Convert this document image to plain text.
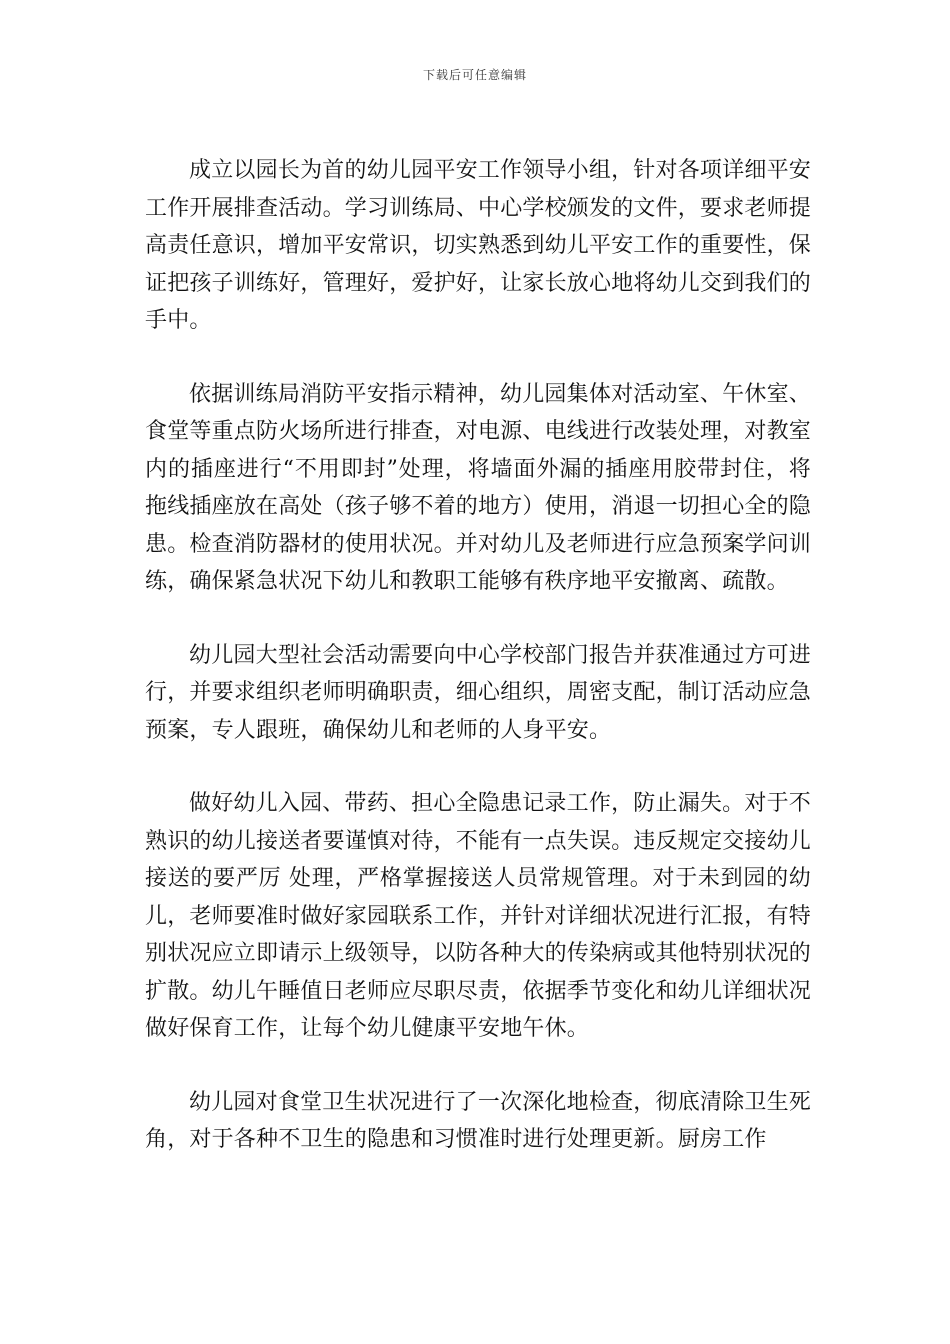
下载后可任意编辑

成立以园长为首的幼儿园平安工作领导小组，针对各项详细平安工作开展排查活动。学习训练局、中心学校颁发的文件，要求老师提高责任意识，增加平安常识，切实熟悉到幼儿平安工作的重要性，保证把孩子训练好，管理好，爱护好，让家长放心地将幼儿交到我们的手中。

依据训练局消防平安指示精神，幼儿园集体对活动室、午休室、食堂等重点防火场所进行排查，对电源、电线进行改装处理，对教室内的插座进行“不用即封”处理，将墙面外漏的插座用胶带封住，将拖线插座放在高处（孩子够不着的地方）使用，消退一切担心全的隐患。检查消防器材的使用状况。并对幼儿及老师进行应急预案学问训练，确保紧急状况下幼儿和教职工能够有秩序地平安撤离、疏散。

幼儿园大型社会活动需要向中心学校部门报告并获准通过方可进行，并要求组织老师明确职责，细心组织，周密支配，制订活动应急预案，专人跟班，确保幼儿和老师的人身平安。

做好幼儿入园、带药、担心全隐患记录工作，防止漏失。对于不熟识的幼儿接送者要谨慎对待，不能有一点失误。违反规定交接幼儿接送的要严厉 处理，严格掌握接送人员常规管理。对于未到园的幼儿，老师要准时做好家园联系工作，并针对详细状况进行汇报，有特别状况应立即请示上级领导，以防各种大的传染病或其他特别状况的扩散。幼儿午睡值日老师应尽职尽责，依据季节变化和幼儿详细状况做好保育工作，让每个幼儿健康平安地午休。

幼儿园对食堂卫生状况进行了一次深化地检查，彻底清除卫生死角，对于各种不卫生的隐患和习惯准时进行处理更新。厨房工作
